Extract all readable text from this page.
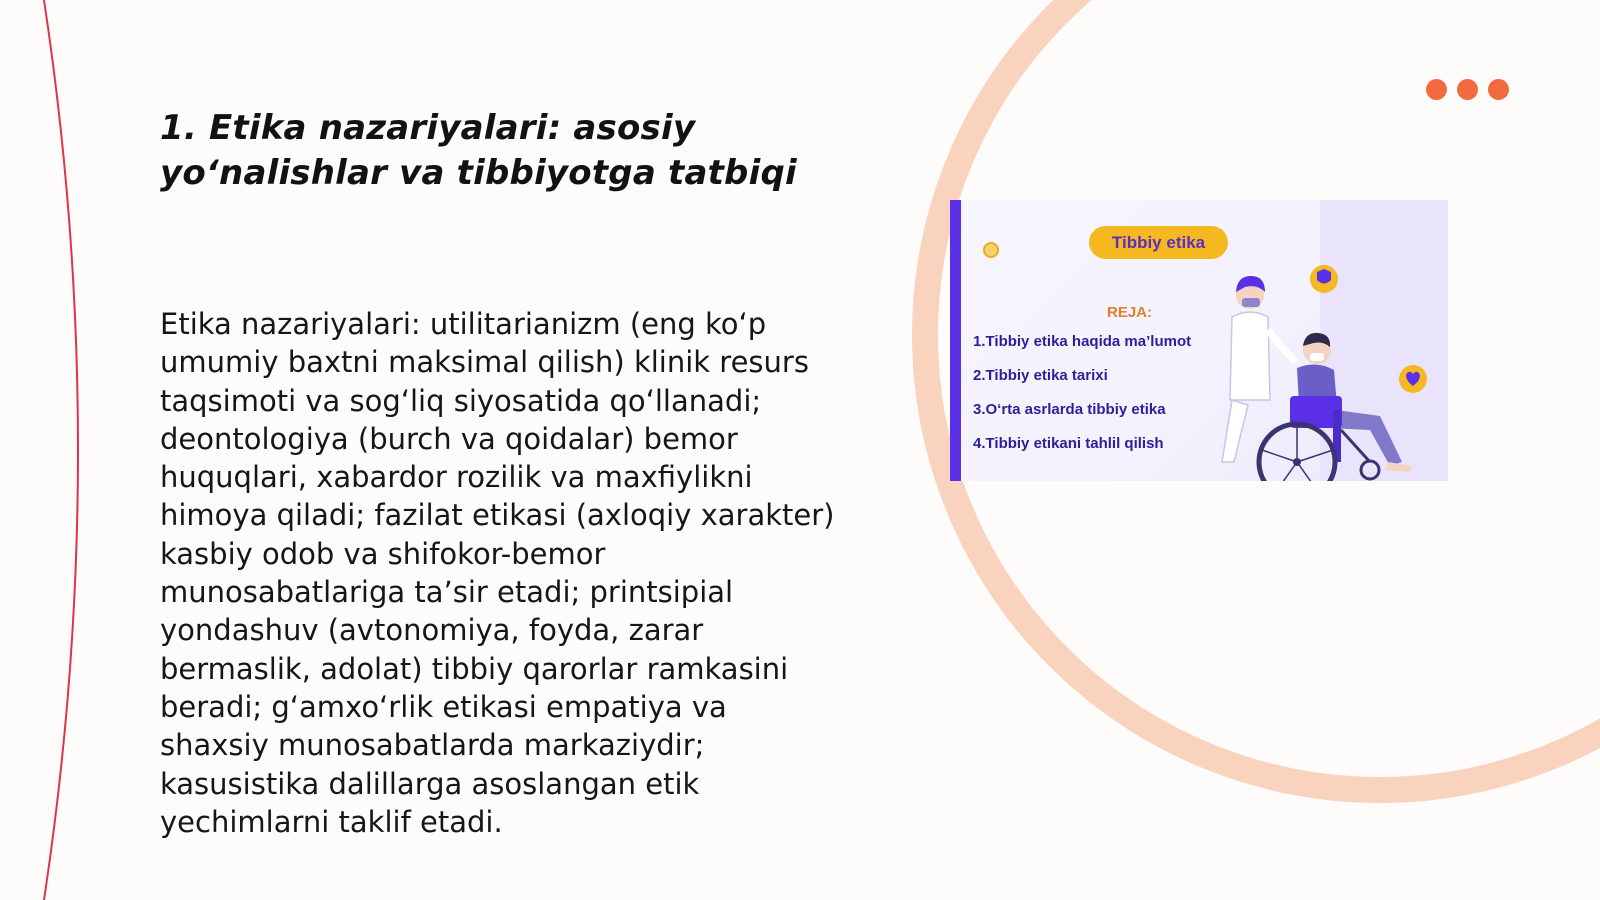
1. Etika nazariyalari: asosiy
yo‘nalishlar va tibbiyotga tatbiqi

Etika nazariyalari: utilitarianizm (eng ko‘p umumiy baxtni maksimal qilish) klinik resurs taqsimoti va sog‘liq siyosatida qo‘llanadi; deontologiya (burch va qoidalar) bemor huquqlari, xabardor rozilik va maxfiylikni himoya qiladi; fazilat etikasi (axloqiy xarakter) kasbiy odob va shifokor-bemor munosabatlariga ta’sir etadi; printsipial yondashuv (avtonomiya, foyda, zarar bermaslik, adolat) tibbiy qarorlar ramkasini beradi; g‘amxo‘rlik etikasi empatiya va shaxsiy munosabatlarda markaziydir; kasusistika dalillarga asoslangan etik yechimlarni taklif etadi.

Tibbiy etika
REJA:
1.Tibbiy etika haqida ma’lumot
2.Tibbiy etika tarixi
3.O‘rta asrlarda tibbiy etika
4.Tibbiy etikani tahlil qilish
